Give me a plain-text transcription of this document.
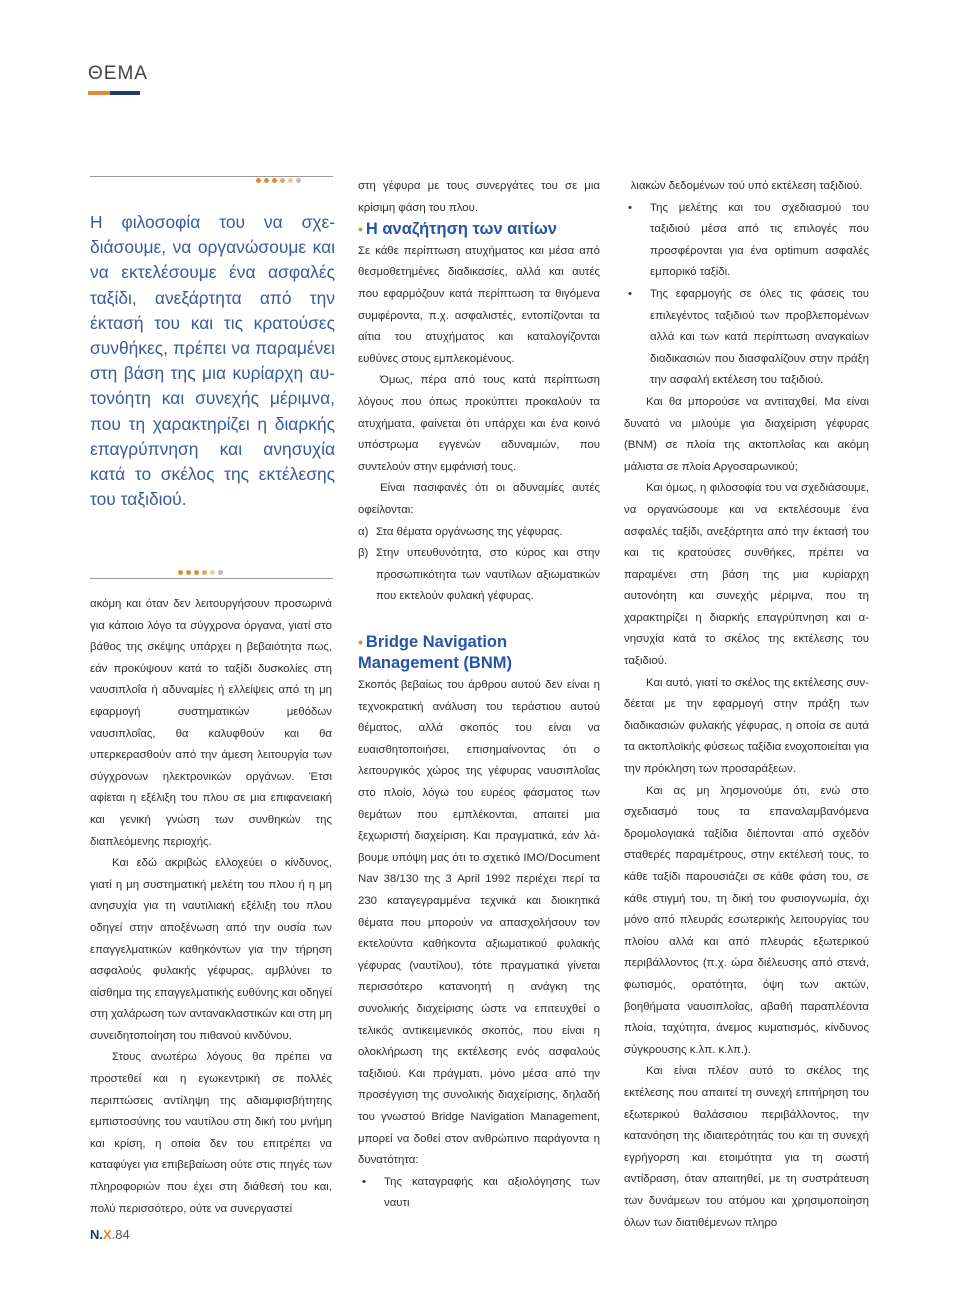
ΘΕΜΑ

Η φιλοσοφία του να σχεδιάσουμε, να οργανώσουμε και να εκτελέσουμε ένα ασφαλές ταξίδι, ανεξάρτητα από την έκτασή του και τις κρατούσες συνθήκες, πρέπει να παραμένει στη βάση της μια κυρίαρχη αυτονόητη και συνεχής μέριμνα, που τη χαρακτηρίζει η διαρκής επαγρύπνηση και ανησυχία κατά το σκέλος της εκτέλεσης του ταξιδιού.

ακόμη και όταν δεν λειτουργήσουν προσωρινά για κάποιο λόγο τα σύγχρονα όργανα, γιατί στο βάθος της σκέψης υπάρχει η βεβαιότητα πως, εάν προκύψουν κατά το ταξίδι δυσκολίες στη ναυσιπλοΐα ή αδυναμίες ή ελλείψεις από τη μη εφαρμογή συστηματικών μεθόδων ναυσιπλοΐας, θα καλυφθούν και θα υπερκερασθούν από την άμεση λειτουργία των σύγχρονων ηλεκτρονικών οργάνων. Έτσι αφίεται η εξέλιξη του πλου σε μια επιφανειακή και γενική γνώση των συνθηκών της διαπλεόμενης περιοχής.

Και εδώ ακριβώς ελλοχεύει ο κίνδυνος, γιατί η μη συστηματική μελέτη του πλου ή η μη ανησυχία για τη ναυτιλιακή εξέλιξη του πλου οδηγεί στην αποξένωση από την ουσία των επαγγελματικών καθηκόντων για την τήρηση ασφαλούς φυλακής γέφυρας, αμβλύνει το αίσθημα της επαγγελματικής ευθύνης και οδηγεί στη χαλάρωση των αντανακλαστικών και στη μη συνειδητοποίηση του πιθανού κινδύνου.

Στους ανωτέρω λόγους θα πρέπει να προστεθεί και η εγωκεντρική σε πολλές περιπτώσεις αντίληψη της αδιαμφισβήτητης εμπιστοσύνης του ναυτίλου στη δική του μνήμη και κρίση, η οποία δεν του επιτρέπει να καταφύγει για επιβεβαίωση ούτε στις πηγές των πληροφοριών που έχει στη διάθεσή του και, πολύ περισσότερο, ούτε να συνεργαστεί

στη γέφυρα με τους συνεργάτες του σε μια κρίσιμη φάση του πλου.

• Η αναζήτηση των αιτίων

Σε κάθε περίπτωση ατυχήματος και μέσα από θεσμοθετημένες διαδικασίες, αλλά και αυτές που εφαρμόζουν κατά περίπτωση τα θιγόμενα συμφέροντα, π.χ. ασφαλιστές, εντοπίζονται τα αίτια του ατυχήματος και καταλογίζονται ευθύνες στους εμπλεκομένους.

Όμως, πέρα από τους κατά περίπτωση λόγους που όπως προκύπτει προκαλούν τα ατυχήματα, φαίνεται ότι υπάρχει και ένα κοινό υπόστρωμα εγγενών αδυναμιών, που συντελούν στην εμφάνισή τους.

Είναι πασιφανές ότι οι αδυναμίες αυτές οφείλονται:

α) Στα θέματα οργάνωσης της γέφυρας.
β) Στην υπευθυνότητα, στο κύρος και στην προσωπικότητα των ναυτίλων αξιωματικών που εκτελούν φυλακή γέφυρας.
• Bridge Navigation
Management (BNM)

Σκοπός βεβαίως του άρθρου αυτού δεν είναι η τεχνοκρατική ανάλυση του τεράστιου αυτού θέματος, αλλά σκοπός του είναι να ευαισθητοποιήσει, επισημαίνοντας ότι ο λειτουργικός χώρος της γέφυρας ναυσιπλοΐας στο πλοίο, λόγω του ευρέος φάσματος των θεμάτων που εμπλέκονται, απαιτεί μια ξεχωριστή διαχείριση. Και πραγματικά, εάν λάβουμε υπόψη μας ότι το σχετικό IMO/Document Nav 38/130 της 3 April 1992 περιέχει περί τα 230 καταγεγραμμένα τεχνικά και διοικητικά θέματα που μπορούν να απασχολήσουν τον εκτελούντα καθήκοντα αξιωματικού φυλακής γέφυρας (ναυτίλου), τότε πραγματικά γίνεται περισσότερο κατανοητή η ανάγκη της συνολικής διαχείρισης ώστε να επιτευχθεί ο τελικός αντικειμενικός σκοπός, που είναι η ολοκλήρωση της εκτέλεσης ενός ασφαλούς ταξιδιού. Και πράγματι, μόνο μέσα από την προσέγγιση της συνολικής διαχείρισης, δηλαδή του γνωστού Bridge Navigation Management, μπορεί να δοθεί στον ανθρώπινο παράγοντα η δυνατότητα:

•	Της καταγραφής και αξιολόγησης των ναυτι

λιακών δεδομένων τού υπό εκτέλεση ταξιδιού.

•	Της μελέτης και του σχεδιασμού του ταξιδιού μέσα από τις επιλογές που προσφέρονται για ένα optimum ασφαλές εμπορικό ταξίδι.
•	Της εφαρμογής σε όλες τις φάσεις του επιλεγέντος ταξιδιού των προβλεπομένων αλλά και των κατά περίπτωση αναγκαίων διαδικασιών που διασφαλίζουν στην πράξη την ασφαλή εκτέλεση του ταξιδιού.

Και θα μπορούσε να αντιταχθεί. Μα είναι δυνατό να μιλούμε για διαχείριση γέφυρας (BNM) σε πλοία της ακτοπλοΐας και ακόμη μάλιστα σε πλοία Αργοσαρωνικού;

Και όμως, η φιλοσοφία του να σχεδιάσουμε, να οργανώσουμε και να εκτελέσουμε ένα ασφαλές ταξίδι, ανεξάρτητα από την έκτασή του και τις κρατούσες συνθήκες, πρέπει να παραμένει στη βάση της μια κυρίαρχη αυτονόητη και συνεχής μέριμνα, που τη χαρακτηρίζει η διαρκής επαγρύπνηση και ανησυχία κατά το σκέλος της εκτέλεσης του ταξιδιού.

Και αυτό, γιατί το σκέλος της εκτέλεσης συνδέεται με την εφαρμογή στην πράξη των διαδικασιών φυλακής γέφυρας, η οποία σε αυτά τα ακτοπλοϊκής φύσεως ταξίδια ενοχοποιείται για την πρόκληση των προσαράξεων.

Και ας μη λησμονούμε ότι, ενώ στο σχεδιασμό τους τα επαναλαμβανόμενα δρομολογιακά ταξίδια διέπονται από σχεδόν σταθερές παραμέτρους, στην εκτέλεσή τους, το κάθε ταξίδι παρουσιάζει σε κάθε φάση του, σε κάθε στιγμή του, τη δική του φυσιογνωμία, όχι μόνο από πλευράς εσωτερικής λειτουργίας του πλοίου αλλά και από πλευράς εξωτερικού περιβάλλοντος (π.χ. ώρα διέλευσης από στενά, φωτισμός, ορατότητα, όψη των ακτών, βοηθήματα ναυσιπλοΐας, αβαθή παραπλέοντα πλοία, ταχύτητα, άνεμος κυματισμός, κίνδυνος σύγκρουσης κ.λπ. κ.λπ.).

Και είναι πλέον αυτό το σκέλος της εκτέλεσης που απαιτεί τη συνεχή επιτήρηση του εξωτερικού θαλάσσιου περιβάλλοντος, την κατανόηση της ιδιαιτερότητάς του και τη συνεχή εγρήγορση και ετοιμότητα για τη σωστή αντίδραση, όταν απαιτηθεί, με τη συστράτευση των δυνάμεων του ατόμου και χρησιμοποίηση όλων των διατιθέμενων πληρο

N.X.84
